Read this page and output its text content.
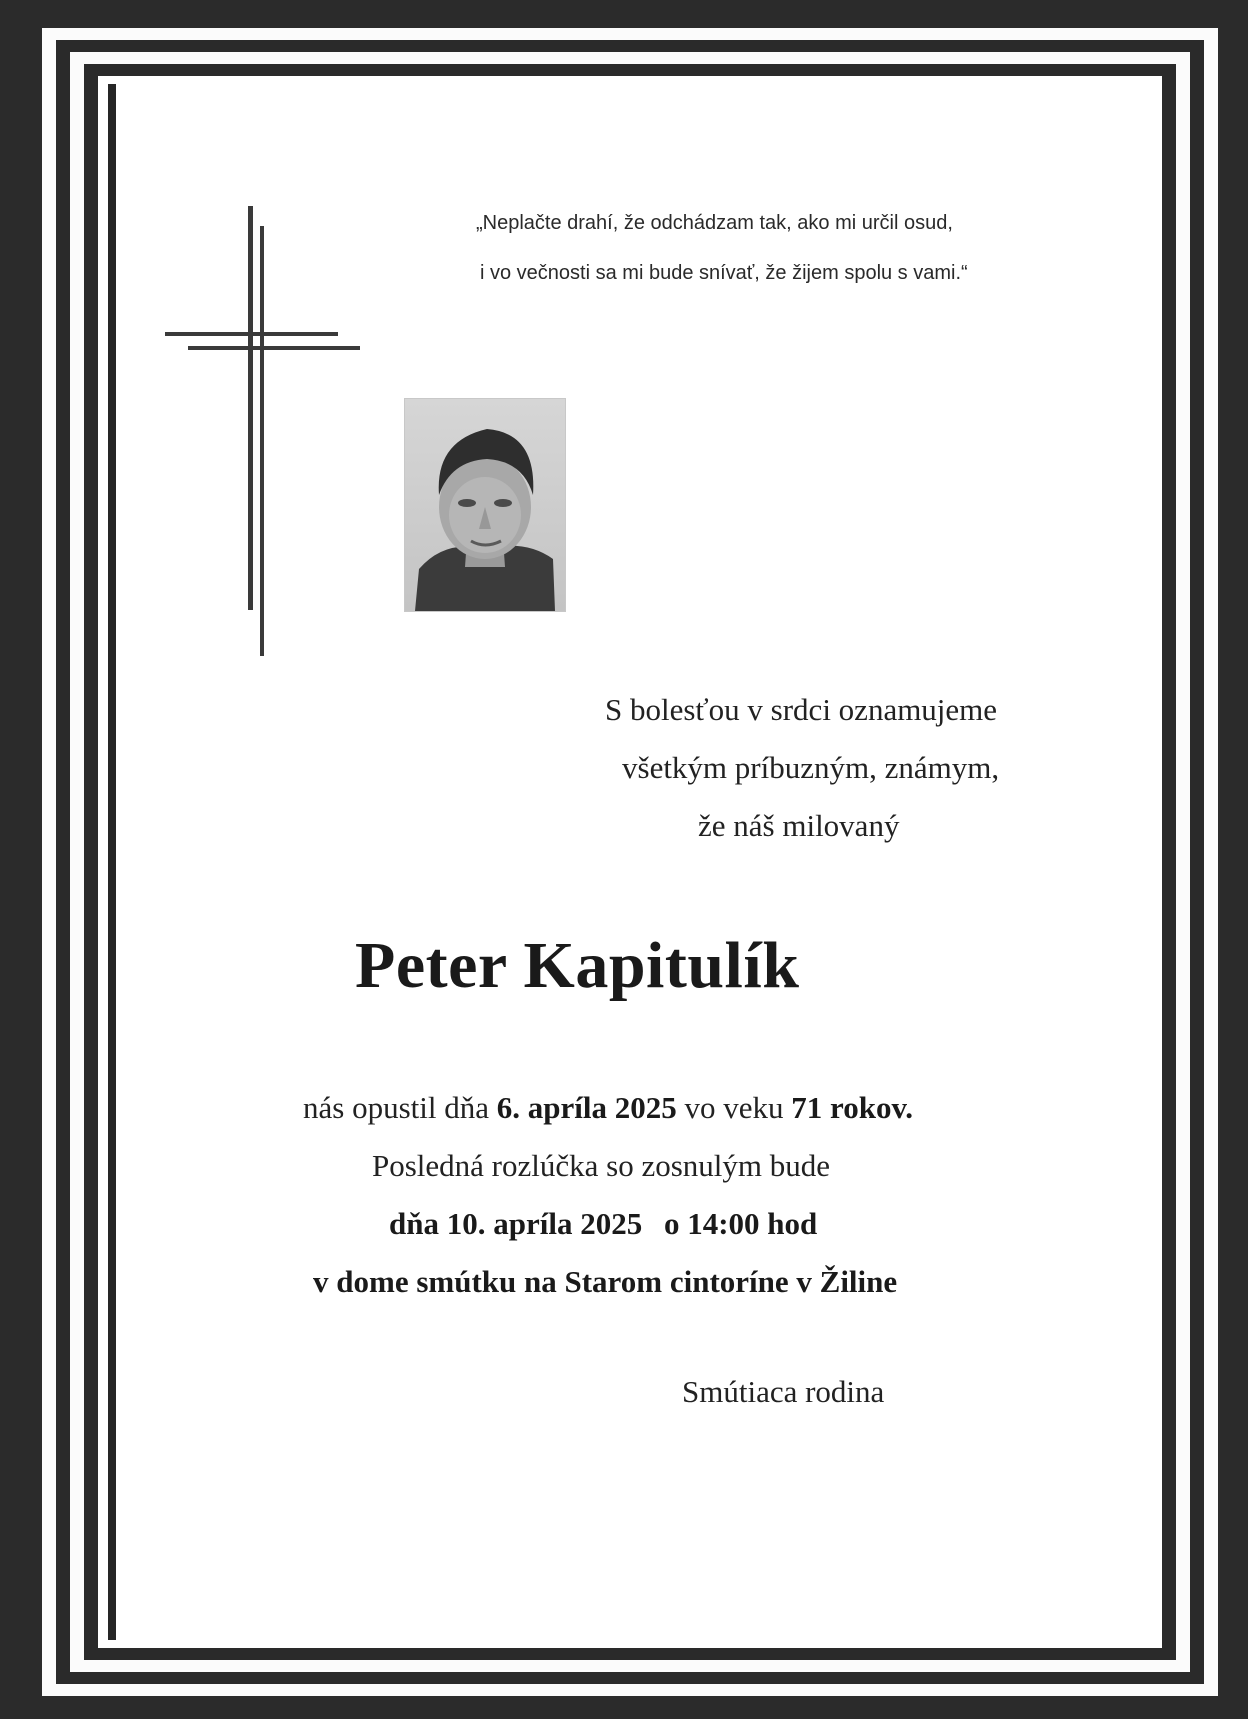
„Neplačte drahí, že odchádzam tak, ako mi určil osud,
i vo večnosti sa mi bude snívať, že žijem spolu s vami.“
S bolesťou v srdci oznamujeme
všetkým príbuzným, známym,
že náš milovaný
Peter Kapitulík
nás opustil dňa 6. apríla 2025 vo veku 71 rokov.
Posledná rozlúčka so zosnulým bude
dňa 10. apríla 2025 o 14:00 hod
v dome smútku na Starom cintoríne v Žiline
Smútiaca rodina
